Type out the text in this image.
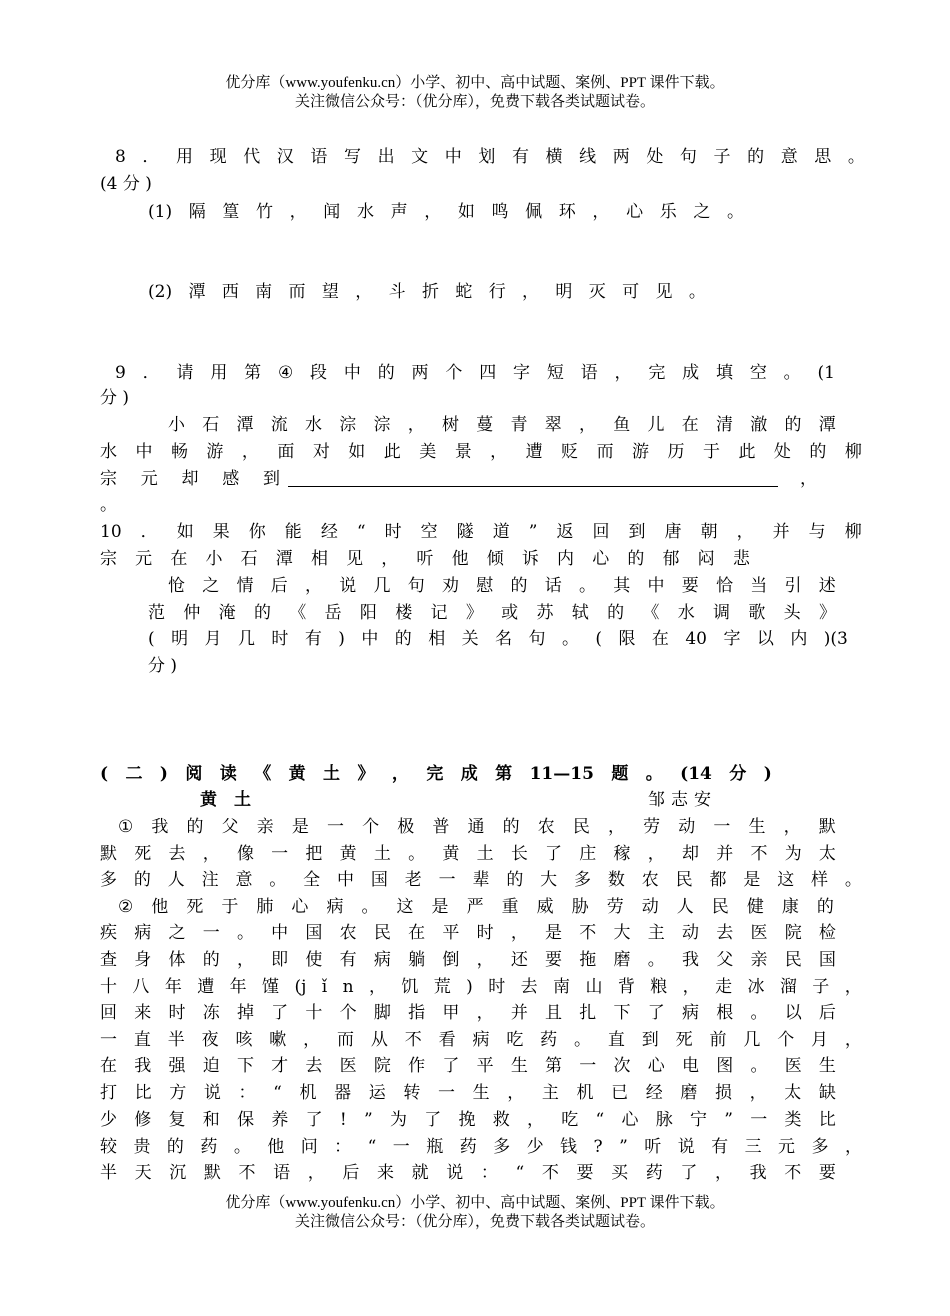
优分库（www.youfenku.cn）小学、初中、高中试题、案例、PPT 课件下载。
关注微信公众号：（优分库），免费下载各类试题试卷。
8 ． 用 现 代 汉 语 写 出 文 中 划 有 横 线 两 处 句 子 的 意 思 。
(4 分 )
(1) 隔 篁 竹 ， 闻 水 声 ， 如 鸣 佩 环 ， 心 乐 之 。
(2) 潭 西 南 而 望 ， 斗 折 蛇 行 ， 明 灭 可 见 。
9 ． 请 用 第 ④ 段 中 的 两 个 四 字 短 语 ， 完 成 填 空 。 (1
分 )
小 石 潭 流 水 淙 淙 ， 树 蔓 青 翠 ， 鱼 儿 在 清 澈 的 潭
水 中 畅 游 ， 面 对 如 此 美 景 ， 遭 贬 而 游 历 于 此 处 的 柳
宗 元 却 感 到	，
。
10 ． 如 果 你 能 经 “ 时 空 隧 道 ” 返 回 到 唐 朝 ， 并 与 柳
宗 元 在 小 石 潭 相 见 ， 听 他 倾 诉 内 心 的 郁 闷 悲
怆 之 情 后 ， 说 几 句 劝 慰 的 话 。 其 中 要 恰 当 引 述
范 仲 淹 的 《 岳 阳 楼 记 》 或 苏 轼 的 《 水 调 歌 头 》
( 明 月 几 时 有 ) 中 的 相 关 名 句 。 ( 限 在 40 字 以 内 )(3
分 )
( 二 ) 阅 读 《 黄 土 》 ， 完 成 第 11—15 题 。 (14 分 )
黄　土	邹志安
① 我 的 父 亲 是 一 个 极 普 通 的 农 民 ， 劳 动 一 生 ， 默
默 死 去 ， 像 一 把 黄 土 。 黄 土 长 了 庄 稼 ， 却 并 不 为 太
多 的 人 注 意 。 全 中 国 老 一 辈 的 大 多 数 农 民 都 是 这 样 。
② 他 死 于 肺 心 病 。 这 是 严 重 威 胁 劳 动 人 民 健 康 的
疾 病 之 一 。 中 国 农 民 在 平 时 ， 是 不 大 主 动 去 医 院 检
查 身 体 的 ， 即 使 有 病 躺 倒 ， 还 要 拖 磨 。 我 父 亲 民 国
十 八 年 遭 年 馑 (j ǐ n ， 饥 荒 ) 时 去 南 山 背 粮 ， 走 冰 溜 子 ，
回 来 时 冻 掉 了 十 个 脚 指 甲 ， 并 且 扎 下 了 病 根 。 以 后
一 直 半 夜 咳 嗽 ， 而 从 不 看 病 吃 药 。 直 到 死 前 几 个 月 ，
在 我 强 迫 下 才 去 医 院 作 了 平 生 第 一 次 心 电 图 。 医 生
打 比 方 说 ： “ 机 器 运 转 一 生 ， 主 机 已 经 磨 损 ， 太 缺
少 修 复 和 保 养 了 ! ” 为 了 挽 救 ， 吃 “ 心 脉 宁 ” 一 类 比
较 贵 的 药 。 他 问 ： “ 一 瓶 药 多 少 钱 ? ” 听 说 有 三 元 多 ，
半 天 沉 默 不 语 ， 后 来 就 说 ： “ 不 要 买 药 了 ， 我 不 要
优分库（www.youfenku.cn）小学、初中、高中试题、案例、PPT 课件下载。
关注微信公众号：（优分库），免费下载各类试题试卷。
